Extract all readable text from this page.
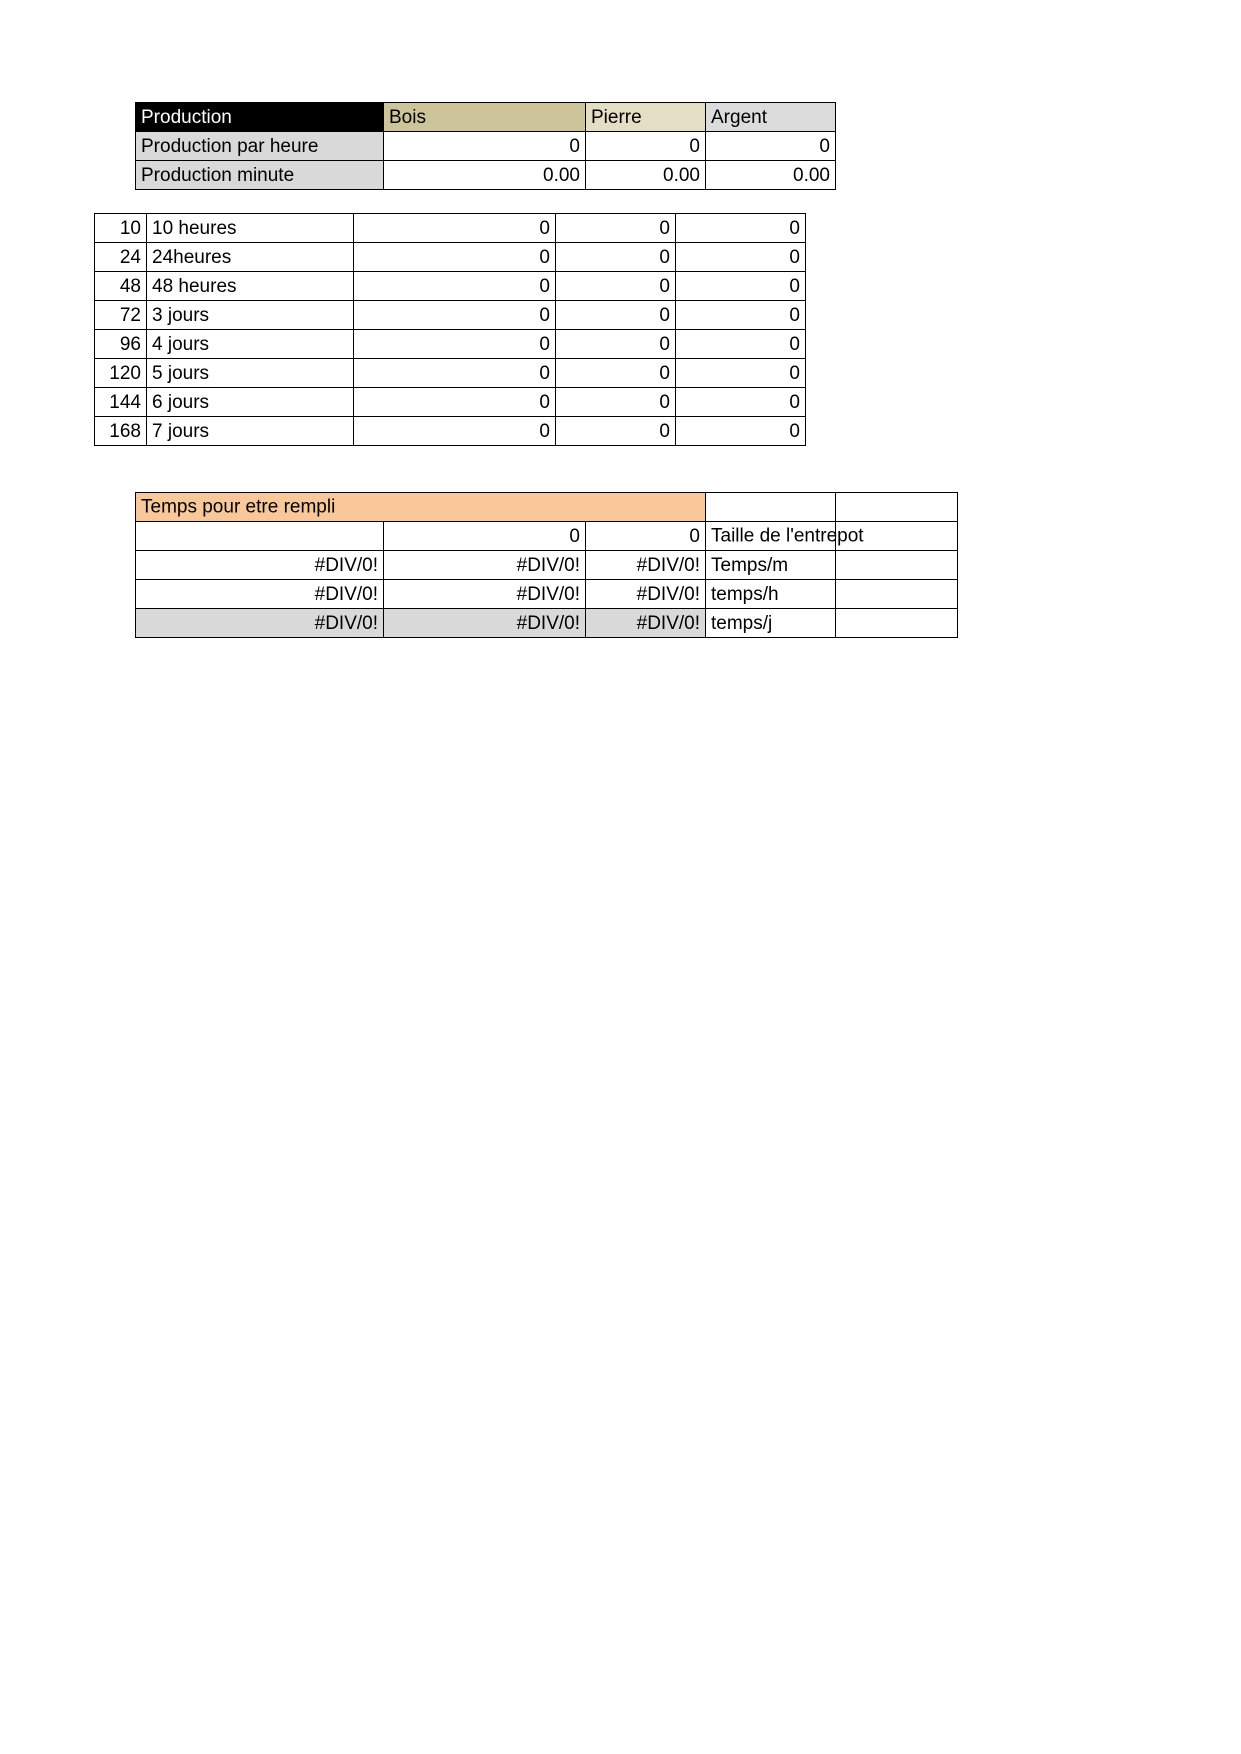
Production	Bois	Pierre	Argent
Production par heure	0	0	0
Production minute	0.00	0.00	0.00
10	10 heures	0	0	0
24	24heures	0	0	0
48	48 heures	0	0	0
72	3 jours	0	0	0
96	4 jours	0	0	0
120	5 jours	0	0	0
144	6 jours	0	0	0
168	7 jours	0	0	0
Temps pour etre rempli				

	0	0	Taille de l'entrepot	

#DIV/0!	#DIV/0!	#DIV/0!	Temps/m	
#DIV/0!	#DIV/0!	#DIV/0!	temps/h	
#DIV/0!	#DIV/0!	#DIV/0!	temps/j	
